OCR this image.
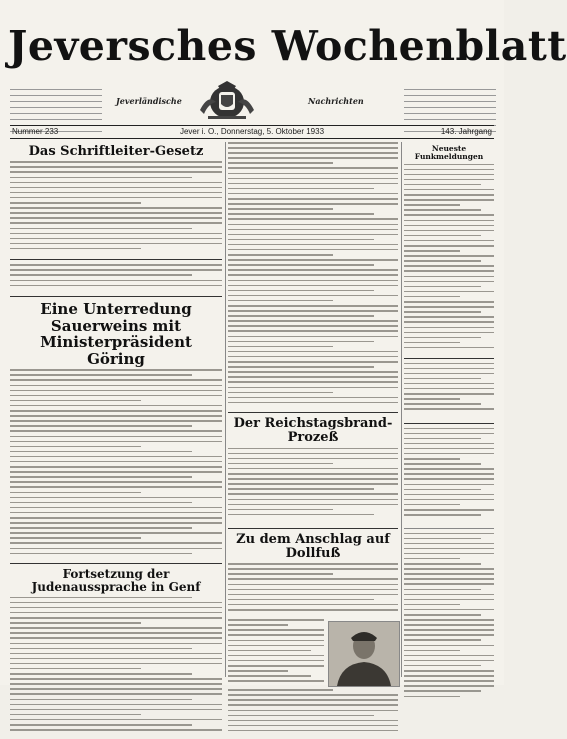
Jeversches Wochenblatt
Jeverländische	Nachrichten
Nummer 233	Jever i. O., Donnerstag, 5. Oktober 1933	143. Jahrgang
Das Schriftleiter-Gesetz
Eine Unterredung Sauerweins mit Ministerpräsident Göring
Fortsetzung der Judenaussprache in Genf
Der Reichstagsbrand-Prozeß
Zu dem Anschlag auf Dollfuß
Neueste Funkmeldungen
